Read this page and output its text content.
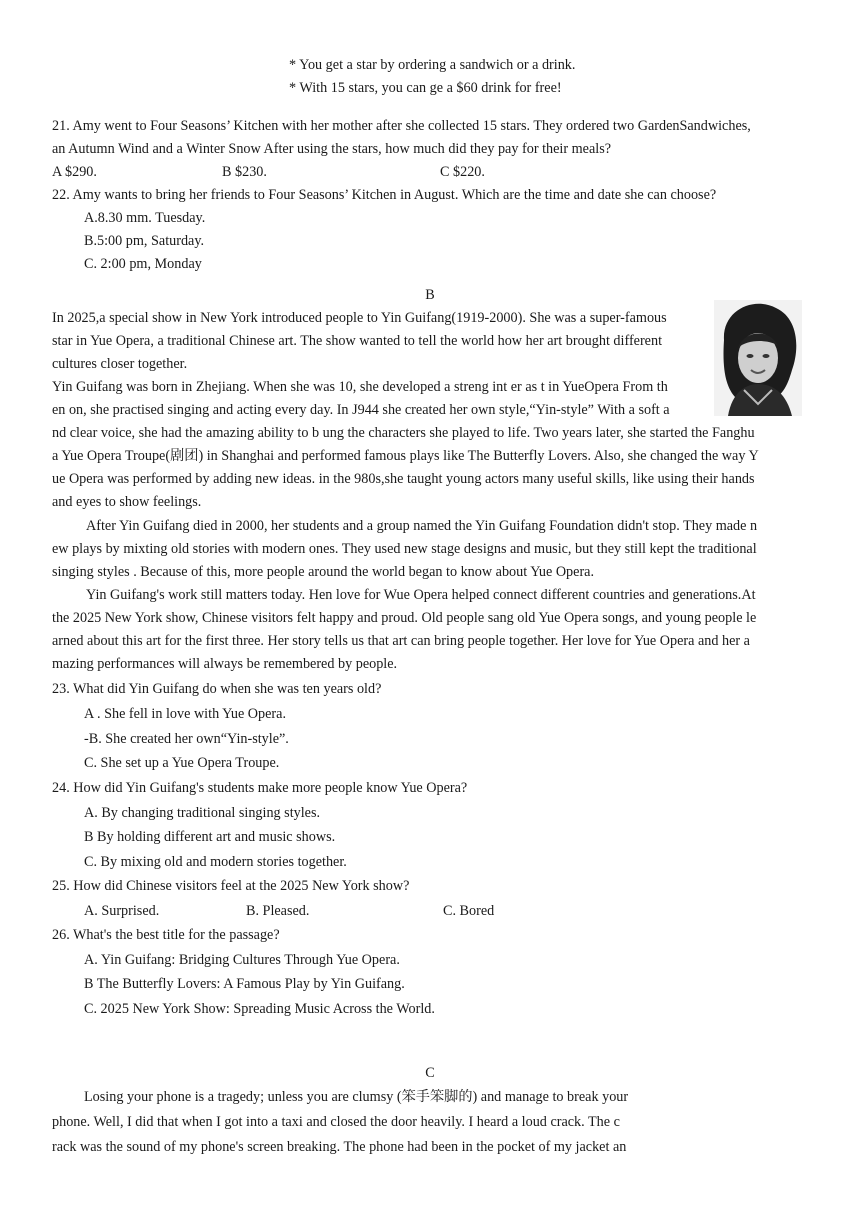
* You get a star by ordering a sandwich or a drink.
* With 15 stars, you can ge a $60 drink for free!
21. Amy went to Four Seasons’ Kitchen with her mother after she collected 15 stars. They ordered two GardenSandwiches,
an Autumn Wind and a Winter Snow After using the stars, how much did they pay for their meals?
A $290.	B $230.	C $220.
22. Amy wants to bring her friends to Four Seasons’ Kitchen in August. Which are the time and date she can choose?
A.8.30 mm. Tuesday.
B.5:00 pm, Saturday.
C. 2:00 pm, Monday
B
In 2025,a special show in New York introduced people to Yin Guifang(1919-2000). She was a super-famous
star in Yue Opera, a traditional Chinese art. The show wanted to tell the world how her art brought different
cultures closer together.
Yin Guifang was born in Zhejiang. When she was 10, she developed a streng int er as t in YueOpera From th
en on, she practised singing and acting every day. In J944 she created her own style,“Yin-style” With a soft a
nd clear voice, she had the amazing ability to b ung the characters she played to life. Two years later, she started the Fanghu
a Yue Opera Troupe(剧团) in Shanghai and performed famous plays like The Butterfly Lovers. Also, she changed the way Y
ue Opera was performed by adding new ideas. in the 980s,she taught young actors many useful skills, like using their hands
and eyes to show feelings.
After Yin Guifang died in 2000, her students and a group named the Yin Guifang Foundation didn't stop. They made n
ew plays by mixting old stories with modern ones. They used new stage designs and music, but they still kept the traditional
singing styles . Because of this, more people around the world began to know about Yue Opera.
Yin Guifang's work still matters today. Hen love for Wue Opera helped connect different countries and generations.At
the 2025 New York show, Chinese visitors felt happy and proud. Old people sang old Yue Opera songs, and young people le
arned about this art for the first three. Her story tells us that art can bring people together. Her love for Yue Opera and her a
mazing performances will always be remembered by people.
23. What did Yin Guifang do when she was ten years old?
A . She fell in love with Yue Opera.
-B. She created her own“Yin-style”.
C. She set up a Yue Opera Troupe.
24. How did Yin Guifang's students make more people know Yue Opera?
A. By changing traditional singing styles.
B By holding different art and music shows.
C. By mixing old and modern stories together.
25. How did Chinese visitors feel at the 2025 New York show?
A. Surprised.	B. Pleased.	C. Bored
26. What's the best title for the passage?
A. Yin Guifang: Bridging Cultures Through Yue Opera.
B The Butterfly Lovers: A Famous Play by Yin Guifang.
C. 2025 New York Show: Spreading Music Across the World.
C
Losing your phone is a tragedy; unless you are clumsy (笨手笨脚的) and manage to break your
phone. Well, I did that when I got into a taxi and closed the door heavily. I heard a loud crack. The c
rack was the sound of my phone's screen breaking. The phone had been in the pocket of my jacket an
